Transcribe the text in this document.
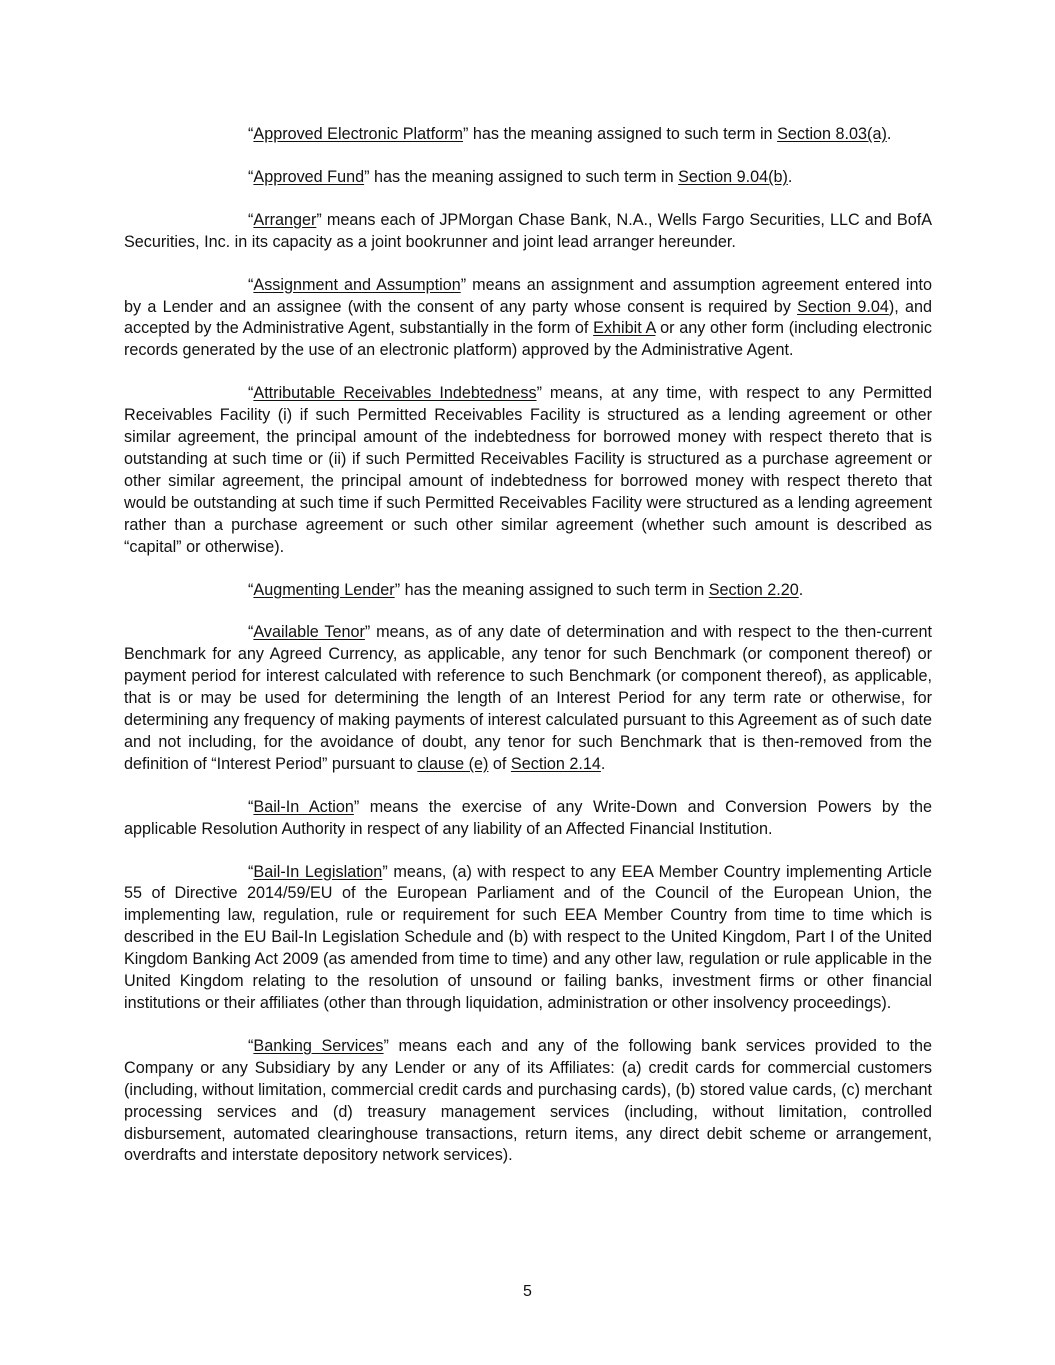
“Approved Electronic Platform” has the meaning assigned to such term in Section 8.03(a).

“Approved Fund” has the meaning assigned to such term in Section 9.04(b).

“Arranger” means each of JPMorgan Chase Bank, N.A., Wells Fargo Securities, LLC and BofA Securities, Inc. in its capacity as a joint bookrunner and joint lead arranger hereunder.

“Assignment and Assumption” means an assignment and assumption agreement entered into by a Lender and an assignee (with the consent of any party whose consent is required by Section 9.04), and accepted by the Administrative Agent, substantially in the form of Exhibit A or any other form (including electronic records generated by the use of an electronic platform) approved by the Administrative Agent.

“Attributable Receivables Indebtedness” means, at any time, with respect to any Permitted Receivables Facility (i) if such Permitted Receivables Facility is structured as a lending agreement or other similar agreement, the principal amount of the indebtedness for borrowed money with respect thereto that is outstanding at such time or (ii) if such Permitted Receivables Facility is structured as a purchase agreement or other similar agreement, the principal amount of indebtedness for borrowed money with respect thereto that would be outstanding at such time if such Permitted Receivables Facility were structured as a lending agreement rather than a purchase agreement or such other similar agreement (whether such amount is described as “capital” or otherwise).

“Augmenting Lender” has the meaning assigned to such term in Section 2.20.

“Available Tenor” means, as of any date of determination and with respect to the then-current Benchmark for any Agreed Currency, as applicable, any tenor for such Benchmark (or component thereof) or payment period for interest calculated with reference to such Benchmark (or component thereof), as applicable, that is or may be used for determining the length of an Interest Period for any term rate or otherwise, for determining any frequency of making payments of interest calculated pursuant to this Agreement as of such date and not including, for the avoidance of doubt, any tenor for such Benchmark that is then-removed from the definition of “Interest Period” pursuant to clause (e) of Section 2.14.

“Bail-In Action” means the exercise of any Write-Down and Conversion Powers by the applicable Resolution Authority in respect of any liability of an Affected Financial Institution.

“Bail-In Legislation” means, (a) with respect to any EEA Member Country implementing Article 55 of Directive 2014/59/EU of the European Parliament and of the Council of the European Union, the implementing law, regulation, rule or requirement for such EEA Member Country from time to time which is described in the EU Bail-In Legislation Schedule and (b) with respect to the United Kingdom, Part I of the United Kingdom Banking Act 2009 (as amended from time to time) and any other law, regulation or rule applicable in the United Kingdom relating to the resolution of unsound or failing banks, investment firms or other financial institutions or their affiliates (other than through liquidation, administration or other insolvency proceedings).

“Banking Services” means each and any of the following bank services provided to the Company or any Subsidiary by any Lender or any of its Affiliates: (a) credit cards for commercial customers (including, without limitation, commercial credit cards and purchasing cards), (b) stored value cards, (c) merchant processing services and (d) treasury management services (including, without limitation, controlled disbursement, automated clearinghouse transactions, return items, any direct debit scheme or arrangement, overdrafts and interstate depository network services).

5
